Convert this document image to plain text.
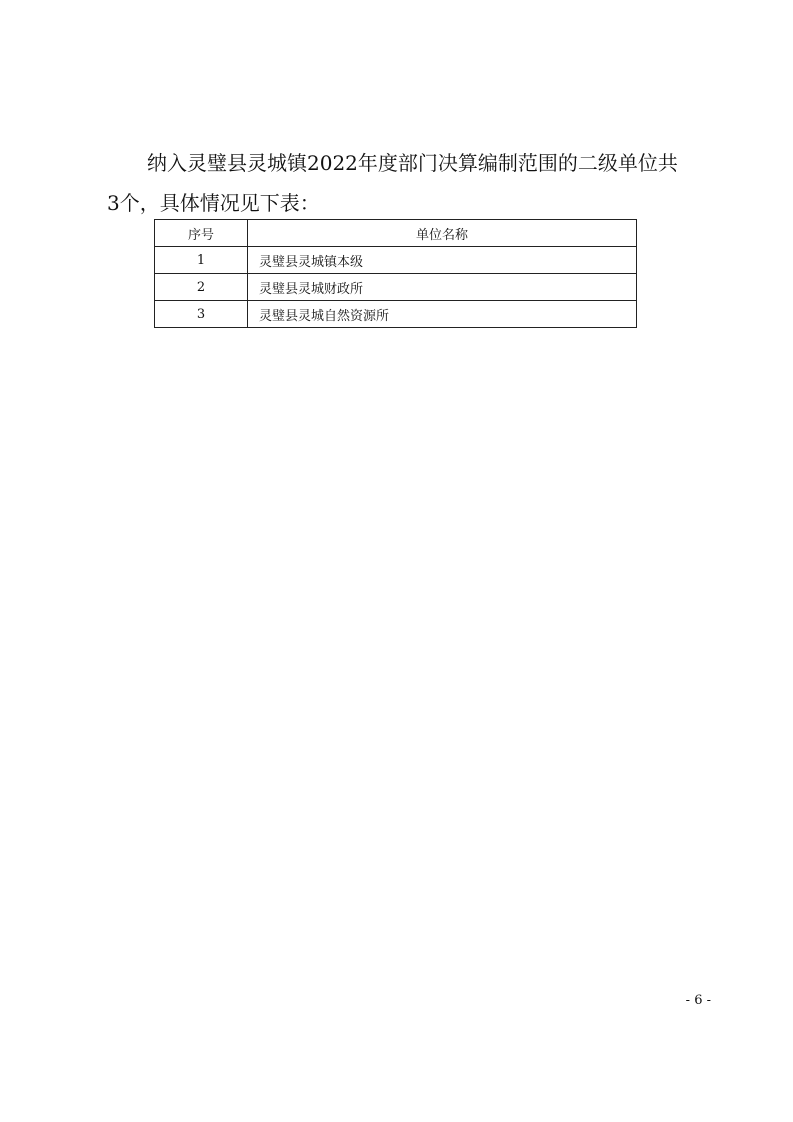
纳入灵璧县灵城镇2022年度部门决算编制范围的二级单位共
3个，具体情况见下表：

序号	单位名称
1	灵璧县灵城镇本级
2	灵璧县灵城财政所
3	灵璧县灵城自然资源所
- 6 -
